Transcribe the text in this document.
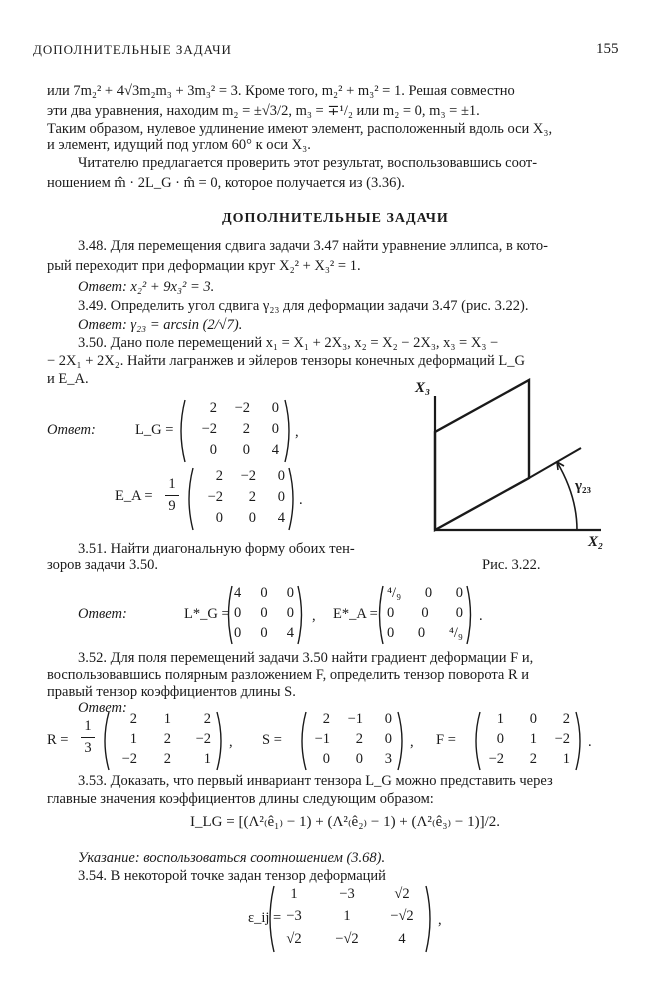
ДОПОЛНИТЕЛЬНЫЕ ЗАДАЧИ	155
или 7m₂² + 4√3m₂m₃ + 3m₃² = 3. Кроме того, m₂² + m₃² = 1. Решая совместно
эти два уравнения, находим m₂ = ±√3/2, m₃ = ∓¹/₂ или m₂ = 0, m₃ = ±1.
Таким образом, нулевое удлинение имеют элемент, расположенный вдоль оси X₃,
и элемент, идущий под углом 60° к оси X₃.
Читателю предлагается проверить этот результат, воспользовавшись соот-
ношением m̂ · 2L_G · m̂ = 0, которое получается из (3.36).
ДОПОЛНИТЕЛЬНЫЕ ЗАДАЧИ
3.48. Для перемещения сдвига задачи 3.47 найти уравнение эллипса, в кото-
рый переходит при деформации круг X₂² + X₃² = 1.
Ответ: x₂² + 9x₃² = 3.
3.49. Определить угол сдвига γ₂₃ для деформации задачи 3.47 (рис. 3.22).
Ответ: γ₂₃ = arcsin (2/√7).
3.50. Дано поле перемещений x₁ = X₁ + 2X₃, x₂ = X₂ − 2X₃, x₃ = X₃ −
− 2X₁ + 2X₂. Найти лагранжев и эйлеров тензоры конечных деформаций L_G
и E_A.
Ответ:	L_G =
2	−2	0
−2	2	0
0	0	4
,
E_A =
1
9
2	−2	0
−2	2	0
0	0	4
.
X₃
X₂
γ₂₃
Рис. 3.22.
3.51. Найти диагональную форму обоих тен-
зоров задачи 3.50.
Ответ:	L*_G =
4 0 0
0 0 0
0 0 4
, E*_A =
⁴/₉ 0 0
0 0 0
0 0 ⁴/₉
.
3.52. Для поля перемещений задачи 3.50 найти градиент деформации F и,
воспользовавшись полярным разложением F, определить тензор поворота R и
правый тензор коэффициентов длины S.
Ответ:
R =
1
3
2	1	2
1	2	−2
−2	2	1
, S =
2	−1	0
−1	2	0
0	0	3
, F =
1	0	2
0	1	−2
−2	2	1
.
3.53. Доказать, что первый инвариант тензора L_G можно представить через
главные значения коэффициентов длины следующим образом:
I_LG = [(Λ²₍ê₁₎ − 1) + (Λ²₍ê₂₎ − 1) + (Λ²₍ê₃₎ − 1)]/2.
Указание: воспользоваться соотношением (3.68).
3.54. В некоторой точке задан тензор деформаций
ε_ij =
1	−3	√2
−3	1	−√2
√2	−√2	4
,
